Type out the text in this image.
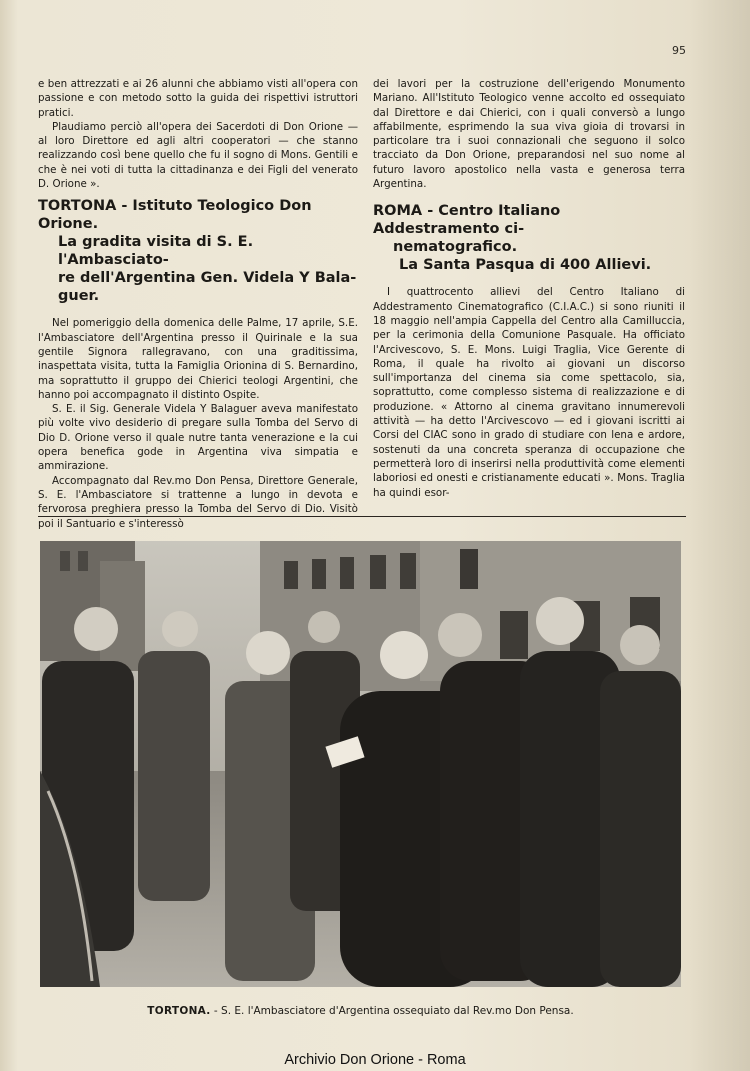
95

e ben attrezzati e ai 26 alunni che abbiamo visti all'opera con passione e con metodo sotto la guida dei rispettivi istruttori pratici.

Plaudiamo perciò all'opera dei Sacerdoti di Don Orione — al loro Direttore ed agli altri cooperatori — che stanno realizzando così bene quello che fu il sogno di Mons. Gentili e che è nei voti di tutta la cittadinanza e dei Figli del venerato D. Orione ».

TORTONA - Istituto Teologico Don Orione.

La gradita visita di S. E. l'Ambasciato-
re dell'Argentina Gen. Videla Y Bala-
guer.

Nel pomeriggio della domenica delle Palme, 17 aprile, S.E. l'Ambasciatore dell'Argentina presso il Quirinale e la sua gentile Signora rallegravano, con una graditissima, inaspettata visita, tutta la Famiglia Orionina di S. Bernardino, ma soprattutto il gruppo dei Chierici teologi Argentini, che hanno poi accompagnato il distinto Ospite.

S. E. il Sig. Generale Videla Y Balaguer aveva manifestato più volte vivo desiderio di pregare sulla Tomba del Servo di Dio D. Orione verso il quale nutre tanta venerazione e la cui opera benefica gode in Argentina viva simpatia e ammirazione.

Accompagnato dal Rev.mo Don Pensa, Direttore Generale, S. E. l'Ambasciatore si trattenne a lungo in devota e fervorosa preghiera presso la Tomba del Servo di Dio. Visitò poi il Santuario e s'interessò

dei lavori per la costruzione dell'erigendo Monumento Mariano. All'Istituto Teologico venne accolto ed ossequiato dal Direttore e dai Chierici, con i quali conversò a lungo affabilmente, esprimendo la sua viva gioia di trovarsi in particolare tra i suoi connazionali che seguono il solco tracciato da Don Orione, preparandosi nel suo nome al futuro lavoro apostolico nella vasta e generosa terra Argentina.

ROMA - Centro Italiano Addestramento ci-

nematografico.
La Santa Pasqua di 400 Allievi.

I quattrocento allievi del Centro Italiano di Addestramento Cinematografico (C.I.A.C.) si sono riuniti il 18 maggio nell'ampia Cappella del Centro alla Camilluccia, per la cerimonia della Comunione Pasquale. Ha officiato l'Arcivescovo, S. E. Mons. Luigi Traglia, Vice Gerente di Roma, il quale ha rivolto ai giovani un discorso sull'importanza del cinema sia come spettacolo, sia, soprattutto, come complesso sistema di realizzazione e di produzione. « Attorno al cinema gravitano innumerevoli attività — ha detto l'Arcivescovo — ed i giovani iscritti ai Corsi del CIAC sono in grado di studiare con lena e ardore, sostenuti da una concreta speranza di occupazione che permetterà loro di inserirsi nella produttività come elementi laboriosi ed onesti e cristianamente educati ». Mons. Traglia ha quindi esor-

TORTONA. - S. E. l'Ambasciatore d'Argentina ossequiato dal Rev.mo Don Pensa.
Archivio Don Orione - Roma
